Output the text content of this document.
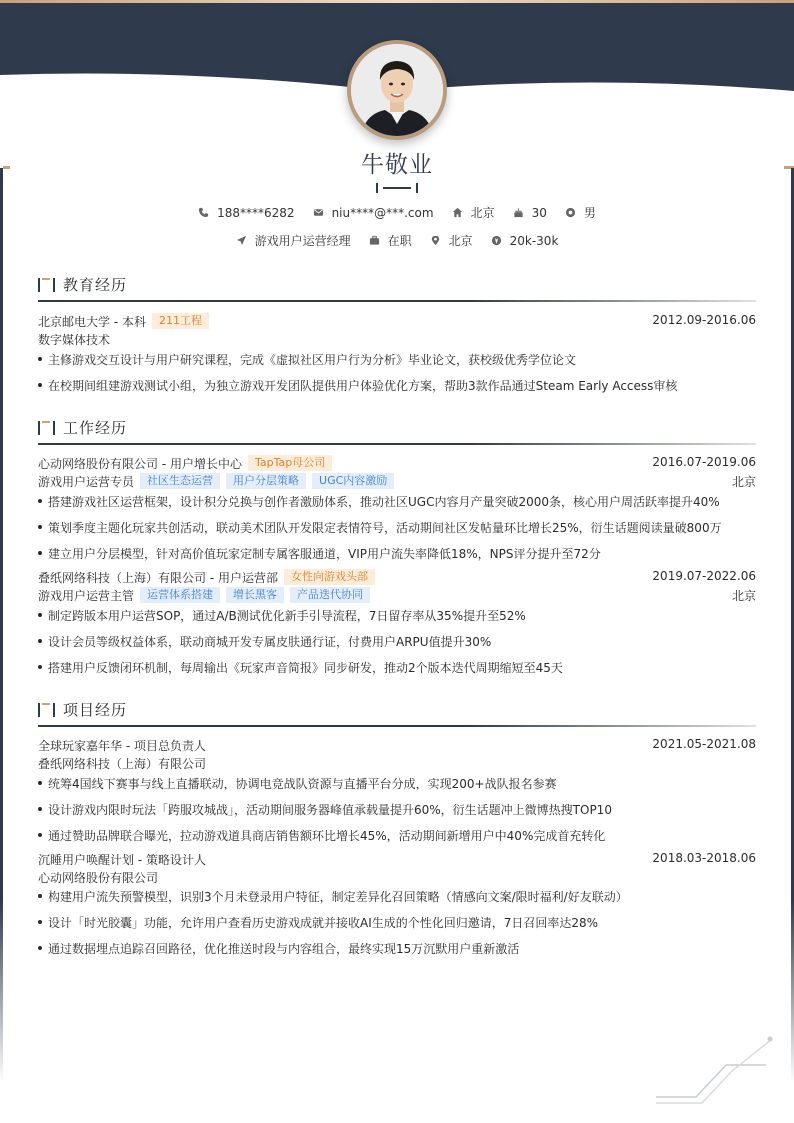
牛敬业
188****6282	niu****@***.com	北京	30	男
游戏用户运营经理	在职	北京	20k-30k
教育经历
北京邮电大学 - 本科	211工程	2012.09-2016.06
数字媒体技术
主修游戏交互设计与用户研究课程，完成《虚拟社区用户行为分析》毕业论文，获校级优秀学位论文
在校期间组建游戏测试小组，为独立游戏开发团队提供用户体验优化方案，帮助3款作品通过Steam Early Access审核
工作经历
心动网络股份有限公司 - 用户增长中心	TapTap母公司	2016.07-2019.06
游戏用户运营专员	社区生态运营	用户分层策略	UGC内容激励	北京
搭建游戏社区运营框架，设计积分兑换与创作者激励体系，推动社区UGC内容月产量突破2000条，核心用户周活跃率提升40%
策划季度主题化玩家共创活动，联动美术团队开发限定表情符号，活动期间社区发帖量环比增长25%，衍生话题阅读量破800万
建立用户分层模型，针对高价值玩家定制专属客服通道，VIP用户流失率降低18%，NPS评分提升至72分
叠纸网络科技（上海）有限公司 - 用户运营部	女性向游戏头部	2019.07-2022.06
游戏用户运营主管	运营体系搭建	增长黑客	产品迭代协同	北京
制定跨版本用户运营SOP，通过A/B测试优化新手引导流程，7日留存率从35%提升至52%
设计会员等级权益体系，联动商城开发专属皮肤通行证，付费用户ARPU值提升30%
搭建用户反馈闭环机制，每周输出《玩家声音简报》同步研发，推动2个版本迭代周期缩短至45天
项目经历
全球玩家嘉年华 - 项目总负责人	2021.05-2021.08
叠纸网络科技（上海）有限公司
统筹4国线下赛事与线上直播联动，协调电竞战队资源与直播平台分成，实现200+战队报名参赛
设计游戏内限时玩法「跨服攻城战」，活动期间服务器峰值承载量提升60%，衍生话题冲上微博热搜TOP10
通过赞助品牌联合曝光，拉动游戏道具商店销售额环比增长45%，活动期间新增用户中40%完成首充转化
沉睡用户唤醒计划 - 策略设计人	2018.03-2018.06
心动网络股份有限公司
构建用户流失预警模型，识别3个月未登录用户特征，制定差异化召回策略（情感向文案/限时福利/好友联动）
设计「时光胶囊」功能，允许用户查看历史游戏成就并接收AI生成的个性化回归邀请，7日召回率达28%
通过数据埋点追踪召回路径，优化推送时段与内容组合，最终实现15万沉默用户重新激活
